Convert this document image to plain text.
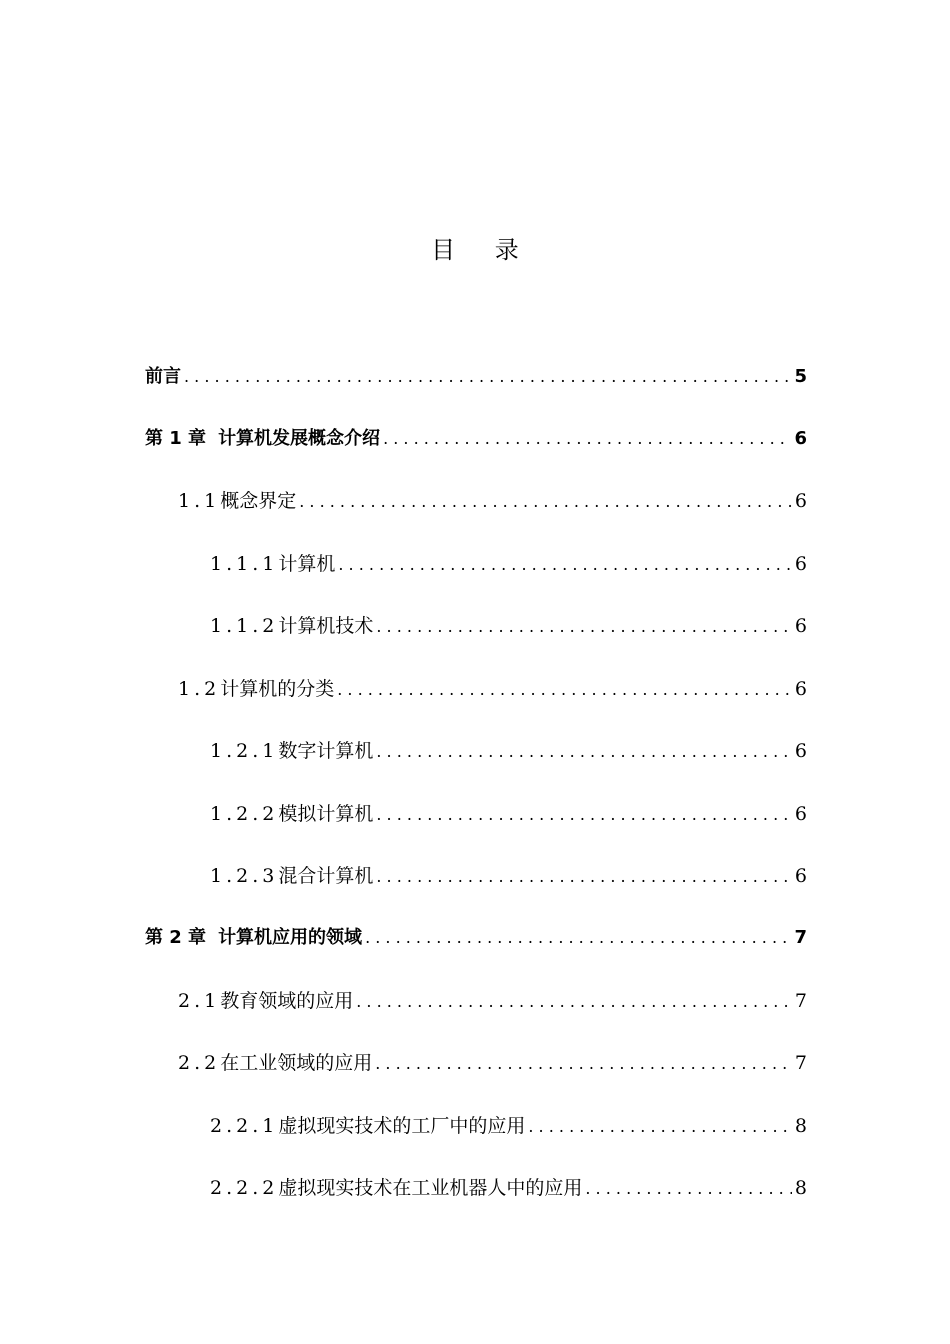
目 录
前言 . . .	5
第 1 章 计算机发展概念介绍 . . .	6
1.1 概念界定 . . .	6
1.1.1 计算机 . . .	6
1.1.2 计算机技术 . . .	6
1.2 计算机的分类 . . .	6
1.2.1 数字计算机 . . .	6
1.2.2 模拟计算机 . . .	6
1.2.3 混合计算机 . . .	6
第 2 章 计算机应用的领域 . . .	7
2.1 教育领域的应用 . . .	7
2.2 在工业领域的应用 . . .	7
2.2.1 虚拟现实技术的工厂中的应用 . . .	8
2.2.2 虚拟现实技术在工业机器人中的应用 . . .	8
